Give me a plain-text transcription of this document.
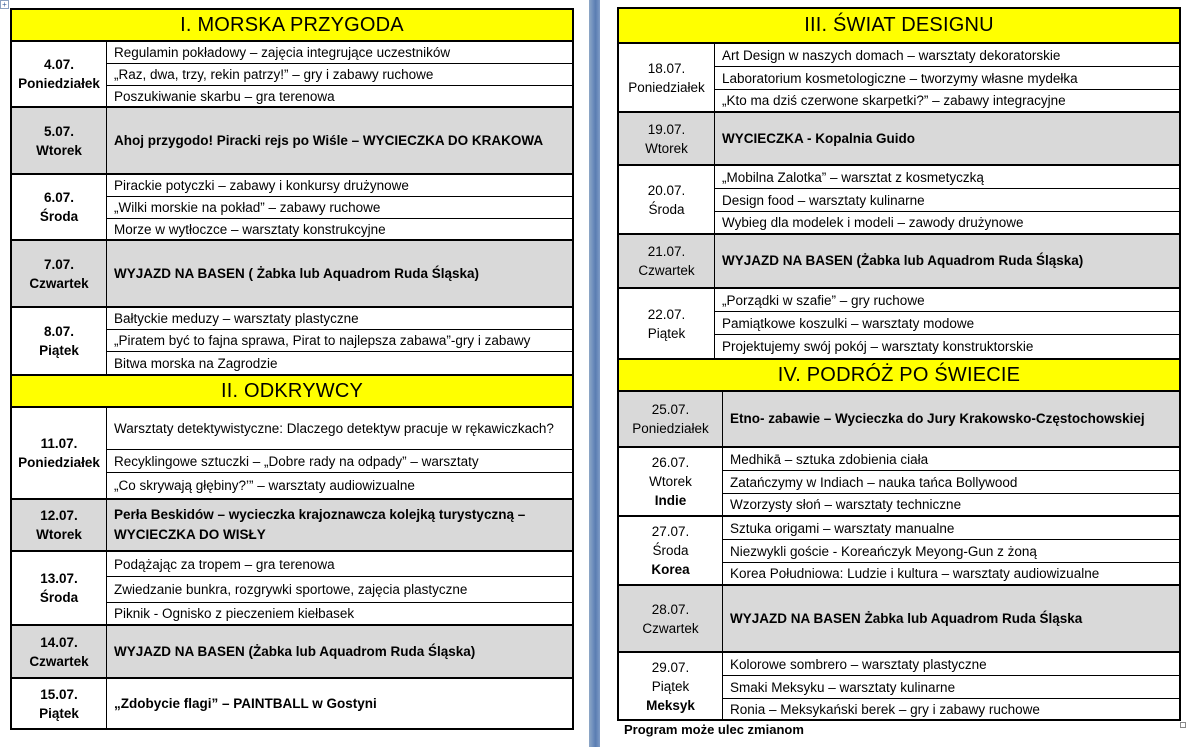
+
I. MORSKA PRZYGODA
4.07.
Poniedziałek
Regulamin pokładowy – zajęcia integrujące uczestników
„Raz, dwa, trzy, rekin patrzy!” – gry i zabawy ruchowe
Poszukiwanie skarbu – gra terenowa
5.07.
Wtorek
Ahoj przygodo! Piracki rejs po Wiśle – WYCIECZKA DO KRAKOWA
6.07.
Środa
Pirackie potyczki – zabawy i konkursy drużynowe
„Wilki morskie na pokład” – zabawy ruchowe
Morze w wytłoczce – warsztaty konstrukcyjne
7.07.
Czwartek
WYJAZD NA BASEN ( Żabka lub Aquadrom Ruda Śląska)
8.07.
Piątek
Bałtyckie meduzy – warsztaty plastyczne
„Piratem być to fajna sprawa, Pirat to najlepsza zabawa”-gry i zabawy
Bitwa morska na Zagrodzie
II. ODKRYWCY
11.07.
Poniedziałek
Warsztaty detektywistyczne: Dlaczego detektyw pracuje w rękawiczkach?
Recyklingowe sztuczki – „Dobre rady na odpady” – warsztaty
„Co skrywają głębiny?’” – warsztaty audiowizualne
12.07.
Wtorek
Perła Beskidów – wycieczka krajoznawcza kolejką turystyczną – WYCIECZKA DO WISŁY
13.07.
Środa
Podążając za tropem – gra terenowa
Zwiedzanie bunkra, rozgrywki sportowe, zajęcia plastyczne
Piknik - Ognisko z pieczeniem kiełbasek
14.07.
Czwartek
WYJAZD NA BASEN (Żabka lub Aquadrom Ruda Śląska)
15.07.
Piątek
„Zdobycie flagi” – PAINTBALL w Gostyni
III. ŚWIAT DESIGNU
18.07.
Poniedziałek
Art Design w naszych domach – warsztaty dekoratorskie
Laboratorium kosmetologiczne – tworzymy własne mydełka
„Kto ma dziś czerwone skarpetki?” – zabawy integracyjne
19.07.
Wtorek
WYCIECZKA - Kopalnia Guido
20.07.
Środa
„Mobilna Zalotka” – warsztat z kosmetyczką
Design food – warsztaty kulinarne
Wybieg dla modelek i modeli – zawody drużynowe
21.07.
Czwartek
WYJAZD NA BASEN (Żabka lub Aquadrom Ruda Śląska)
22.07.
Piątek
„Porządki w szafie” – gry ruchowe
Pamiątkowe koszulki – warsztaty modowe
Projektujemy swój pokój – warsztaty konstruktorskie
IV. PODRÓŻ PO ŚWIECIE
25.07.
Poniedziałek
Etno- zabawie – Wycieczka do Jury Krakowsko-Częstochowskiej
26.07.
Wtorek
Indie
Medhikā – sztuka zdobienia ciała
Zatańczymy w Indiach – nauka tańca Bollywood
Wzorzysty słoń – warsztaty techniczne
27.07.
Środa
Korea
Sztuka origami – warsztaty manualne
Niezwykli goście - Koreańczyk Meyong-Gun z żoną
Korea Południowa: Ludzie i kultura – warsztaty audiowizualne
28.07.
Czwartek
WYJAZD NA BASEN Żabka lub Aquadrom Ruda Śląska
29.07.
Piątek
Meksyk
Kolorowe sombrero – warsztaty plastyczne
Smaki Meksyku – warsztaty kulinarne
Ronia – Meksykański berek – gry i zabawy ruchowe
Program może ulec zmianom
